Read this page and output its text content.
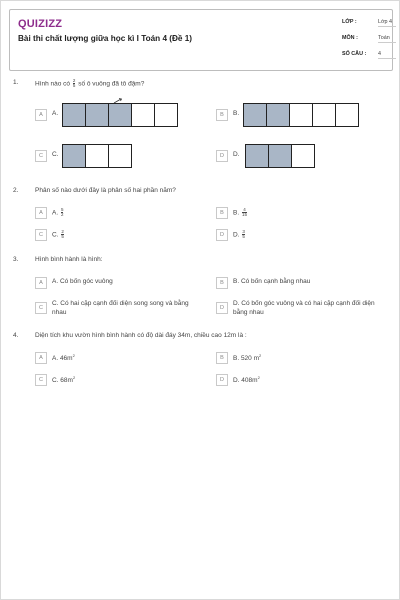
QUIZIZZ
Bài thi chất lượng giữa học kì I Toán 4 (Đề 1)
LỚP :	Lớp 4
MÔN :	Toán
SỐ CÂU : 4
1.	Hình nào có $\frac{2}{5}$ số ô vuông đã tô đậm?
A	A.	B	B.
C	C.	D	D.
2.	Phân số nào dưới đây là phân số hai phần năm?
A	A. $\frac{5}{2}$	B	B. $\frac{4}{15}$
C	C. $\frac{2}{5}$	D	D. $\frac{3}{5}$
3.	Hình bình hành là hình:
A	A. Có bốn góc vuông	B	B. Có bốn cạnh bằng nhau
C
C. Có hai cặp cạnh đối diện song song và bằng nhau
D
D. Có bốn góc vuông và có hai cặp cạnh đối diện bằng nhau
4.	Diện tích khu vườn hình bình hành có độ dài đáy 34m, chiều cao 12m là :
A	A. $46m^2$	B	B. 520 $m^2$
C	C. $68m^2$	D	D. $408m^2$
